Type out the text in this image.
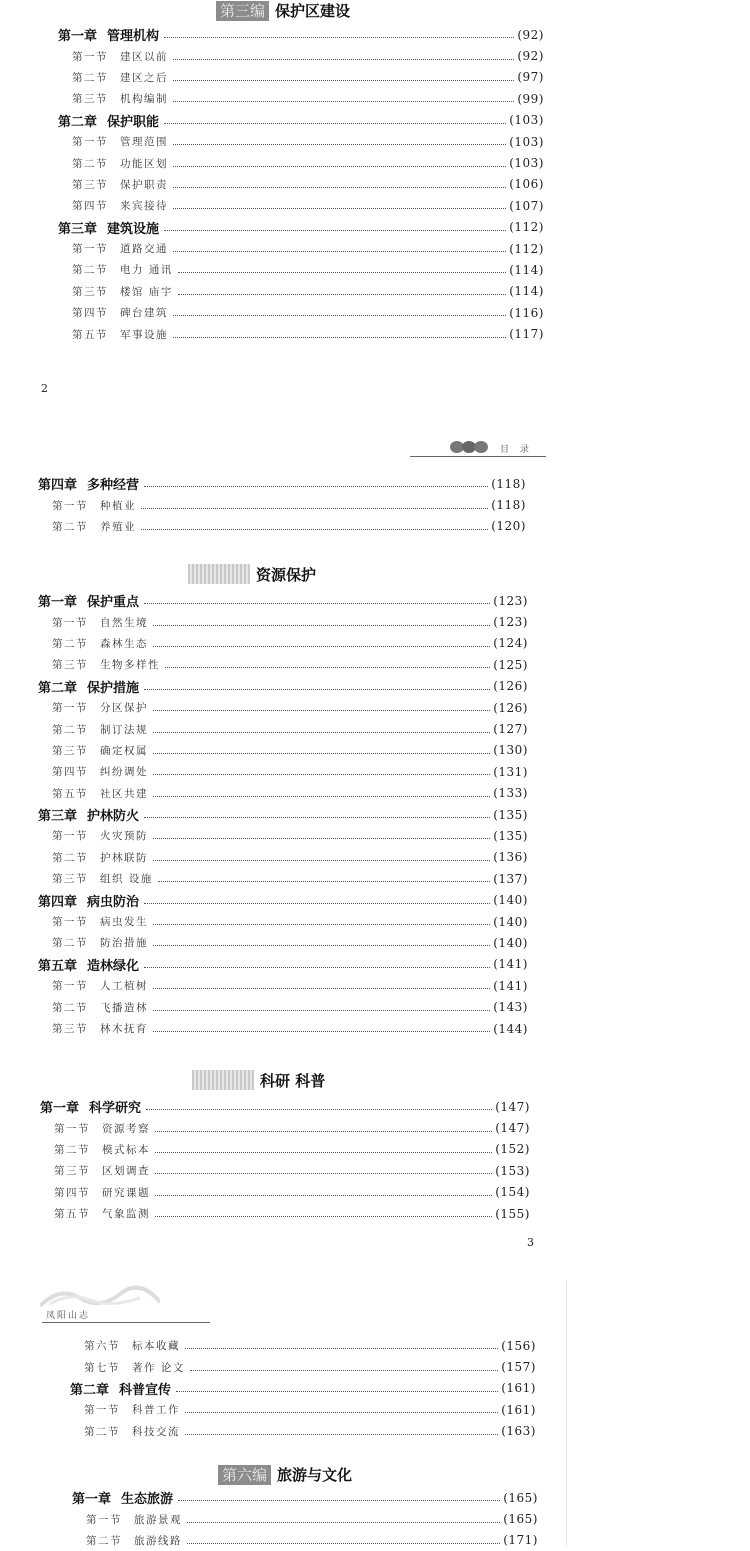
第三编 保护区建设
第一章 管理机构	(92)
第一节 建区以前	(92)
第二节 建区之后	(97)
第三节 机构编制	(99)
第二章 保护职能	(103)
第一节 管理范围	(103)
第二节 功能区划	(103)
第三节 保护职责	(106)
第四节 来宾接待	(107)
第三章 建筑设施	(112)
第一节 道路交通	(112)
第二节 电力 通讯	(114)
第三节 楼馆 庙宇	(114)
第四节 碑台建筑	(116)
第五节 军事设施	(117)
2
目 录
第四章 多种经营	(118)
第一节 种植业	(118)
第二节 养殖业	(120)
资源保护
第一章 保护重点	(123)
第一节 自然生境	(123)
第二节 森林生态	(124)
第三节 生物多样性	(125)
第二章 保护措施	(126)
第一节 分区保护	(126)
第二节 制订法规	(127)
第三节 确定权属	(130)
第四节 纠纷调处	(131)
第五节 社区共建	(133)
第三章 护林防火	(135)
第一节 火灾预防	(135)
第二节 护林联防	(136)
第三节 组织 设施	(137)
第四章 病虫防治	(140)
第一节 病虫发生	(140)
第二节 防治措施	(140)
第五章 造林绿化	(141)
第一节 人工植树	(141)
第二节 飞播造林	(143)
第三节 林木抚育	(144)
科研 科普
第一章 科学研究	(147)
第一节 资源考察	(147)
第二节 模式标本	(152)
第三节 区划调查	(153)
第四节 研究课题	(154)
第五节 气象监测	(155)
3
凤阳山志
第六节 标本收藏	(156)
第七节 著作 论文	(157)
第二章 科普宣传	(161)
第一节 科普工作	(161)
第二节 科技交流	(163)
第六编 旅游与文化
第一章 生态旅游	(165)
第一节 旅游景观	(165)
第二节 旅游线路	(171)
